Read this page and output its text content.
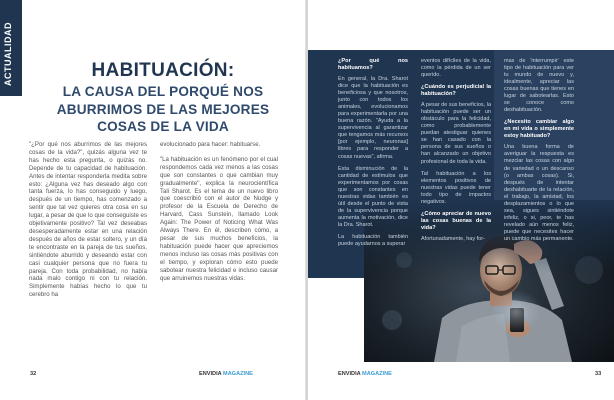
ACTUALIDAD	HABITUACIÓN:
LA CAUSA DEL PORQUÉ NOS
ABURRIMOS DE LAS MEJORES
COSAS DE LA VIDA

"¿Por qué nos aburrimos de las mejores cosas de la vida?", quizás alguna vez te has hecho esta pregunta, o quizás no. Depende de tu capacidad de habituación. Antes de intentar responderla medita sobre esto: ¿Alguna vez has deseado algo con tanta fuerza, lo has conseguido y luego, después de un tiempo, has comenzado a sentir que tal vez quieres otra cosa en su lugar, a pesar de que lo que conseguiste es objetivamente positivo? Tal vez deseabas desesperadamente estar en una relación después de años de estar soltero, y un día te encontraste en la pareja de tus sueños, sintiéndote aburrido y deseando estar con casi cualquier persona que no fuera tu pareja. Con toda probabilidad, no había nada malo contigo ni con tu relación. Simplemente habías hecho lo que tu cerebro ha

evolucionado para hacer: habituarse.

"La habituación es un fenómeno por el cual respondemos cada vez menos a las cosas que son constantes o que cambian muy gradualmente", explica la neurocientífica Tali Sharot. Es el tema de un nuevo libro que coescribió con el autor de Nudge y profesor de la Escuela de Derecho de Harvard, Cass Sunstein, llamado Look Again: The Power of Noticing What Was Always There. En él, describen cómo, a pesar de sus muchos beneficios, la habituación puede hacer que apreciemos menos incluso las cosas más positivas con el tiempo, y exploran cómo esto puede sabotear nuestra felicidad e incluso causar que arruinemos nuestras vidas.

32	ENVIDIA MAGAZINE

¿Por qué nos habituamos?

En general, la Dra. Sharot dice que la habituación es beneficiosa y que nosotros, junto con todos los animales, evolucionamos para experimentarla por una buena razón. "Ayuda a la supervivencia al garantizar que tengamos más recursos [por ejemplo, neuronas] libres para responder a cosas nuevas", afirma.

Esta disminución de la cantidad de estímulos que experimentamos por cosas que son constantes en nuestras vidas también es útil desde el punto de vista de la supervivencia porque aumenta la motivación, dice la Dra. Sharot.

La habituación también puede ayudarnos a superar

eventos difíciles de la vida, como la pérdida de un ser querido.

¿Cuándo es perjudicial la habituación?

A pesar de sus beneficios, la habituación puede ser un obstáculo para la felicidad, como probablemente puedan atestiguar quienes se han casado con la persona de sus sueños o han alcanzado un objetivo profesional de toda la vida.

Tal habituación a los elementos positivos de nuestras vidas puede tener todo tipo de impactos negativos.

¿Cómo apreciar de nuevo las cosas buenas de la vida?

Afortunadamente, hay for-

mas de 'interrumpir' este tipo de habituación para ver tu mundo de nuevo y, idealmente, apreciar las cosas buenas que tienes en lugar de sabotearlas. Esto se conoce como deshabituación.

¿Necesito cambiar algo en mi vida o simplemente estoy habituado?

Una buena forma de averiguar la respuesta es mezclar las cosas con algo de variedad o un descanso (o ambas cosas). Si, después de intentar deshabituarte de la relación, el trabajo, la amistad, los desplazamientos o lo que sea, sigues sintiéndote infeliz, o si, peor, te has revelado aún menos feliz, puede que necesites hacer un cambio más permanente.

ENVIDIA MAGAZINE	33
